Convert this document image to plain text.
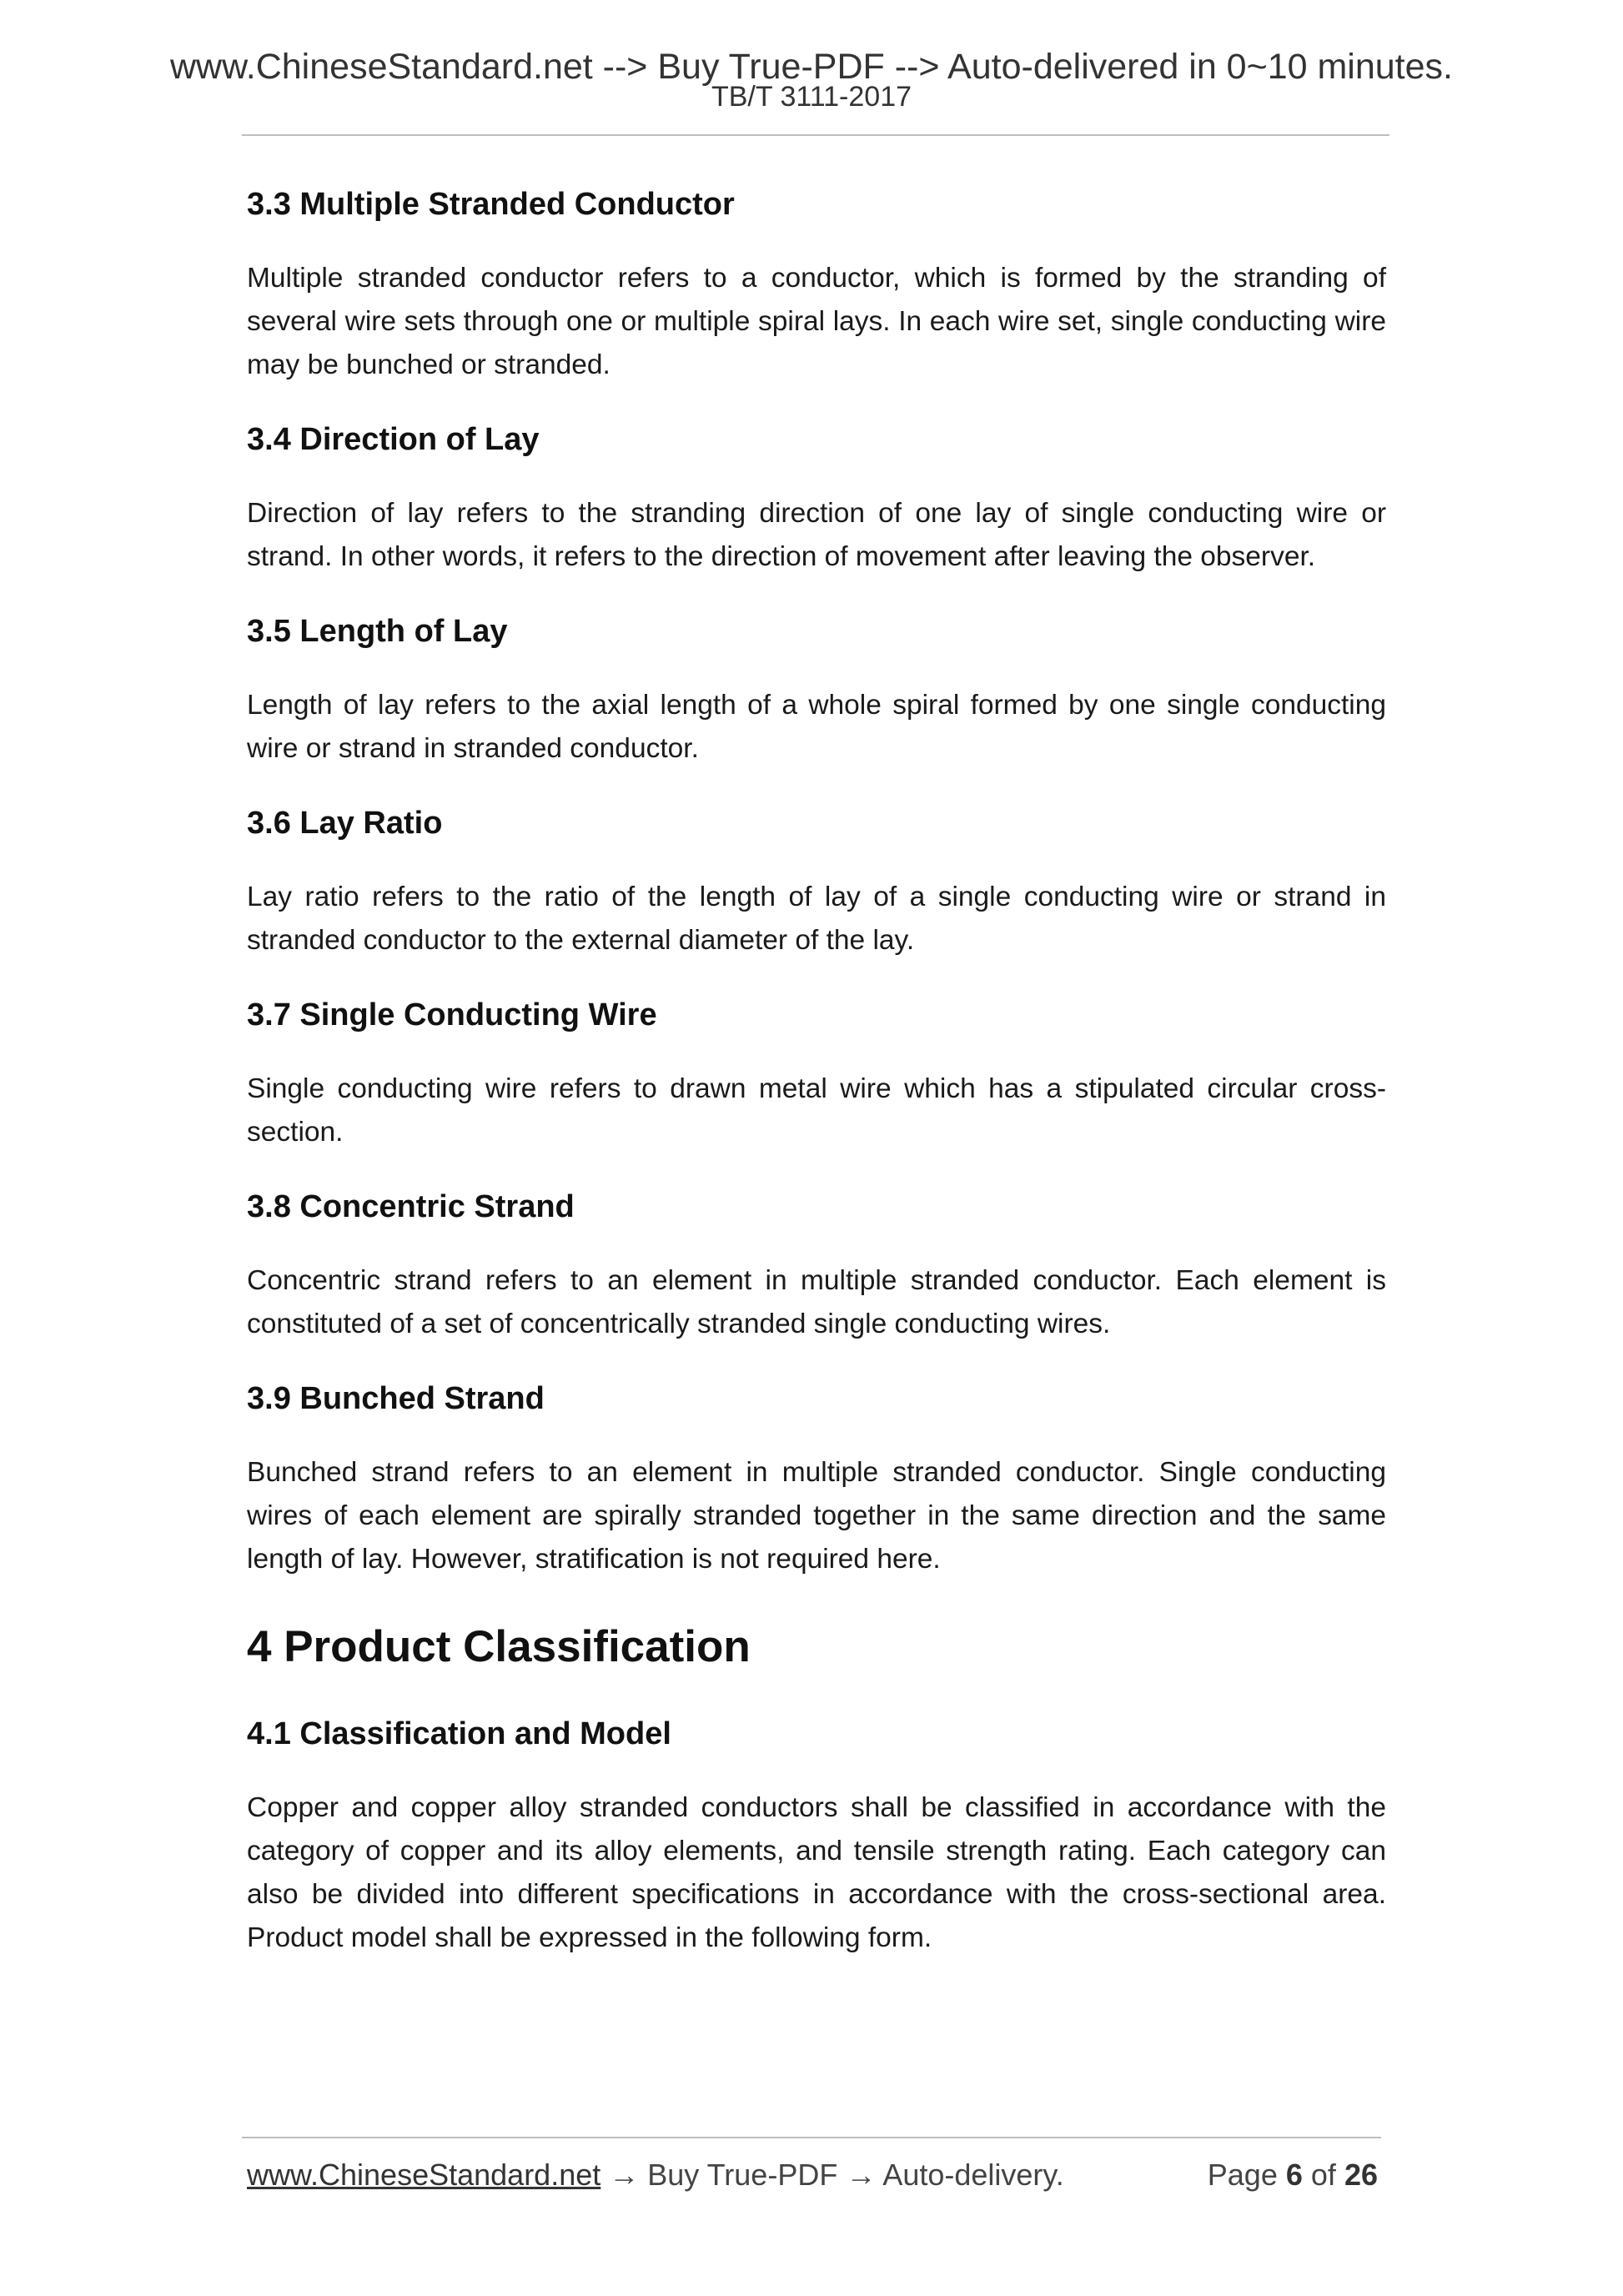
www.ChineseStandard.net --> Buy True-PDF --> Auto-delivered in 0~10 minutes.
TB/T 3111-2017
3.3 Multiple Stranded Conductor
Multiple stranded conductor refers to a conductor, which is formed by the stranding of several wire sets through one or multiple spiral lays. In each wire set, single conducting wire may be bunched or stranded.
3.4 Direction of Lay
Direction of lay refers to the stranding direction of one lay of single conducting wire or strand. In other words, it refers to the direction of movement after leaving the observer.
3.5 Length of Lay
Length of lay refers to the axial length of a whole spiral formed by one single conducting wire or strand in stranded conductor.
3.6 Lay Ratio
Lay ratio refers to the ratio of the length of lay of a single conducting wire or strand in stranded conductor to the external diameter of the lay.
3.7 Single Conducting Wire
Single conducting wire refers to drawn metal wire which has a stipulated circular cross-section.
3.8 Concentric Strand
Concentric strand refers to an element in multiple stranded conductor. Each element is constituted of a set of concentrically stranded single conducting wires.
3.9 Bunched Strand
Bunched strand refers to an element in multiple stranded conductor. Single conducting wires of each element are spirally stranded together in the same direction and the same length of lay. However, stratification is not required here.
4 Product Classification
4.1 Classification and Model
Copper and copper alloy stranded conductors shall be classified in accordance with the category of copper and its alloy elements, and tensile strength rating. Each category can also be divided into different specifications in accordance with the cross-sectional area. Product model shall be expressed in the following form.
www.ChineseStandard.net → Buy True-PDF → Auto-delivery.	Page 6 of 26
